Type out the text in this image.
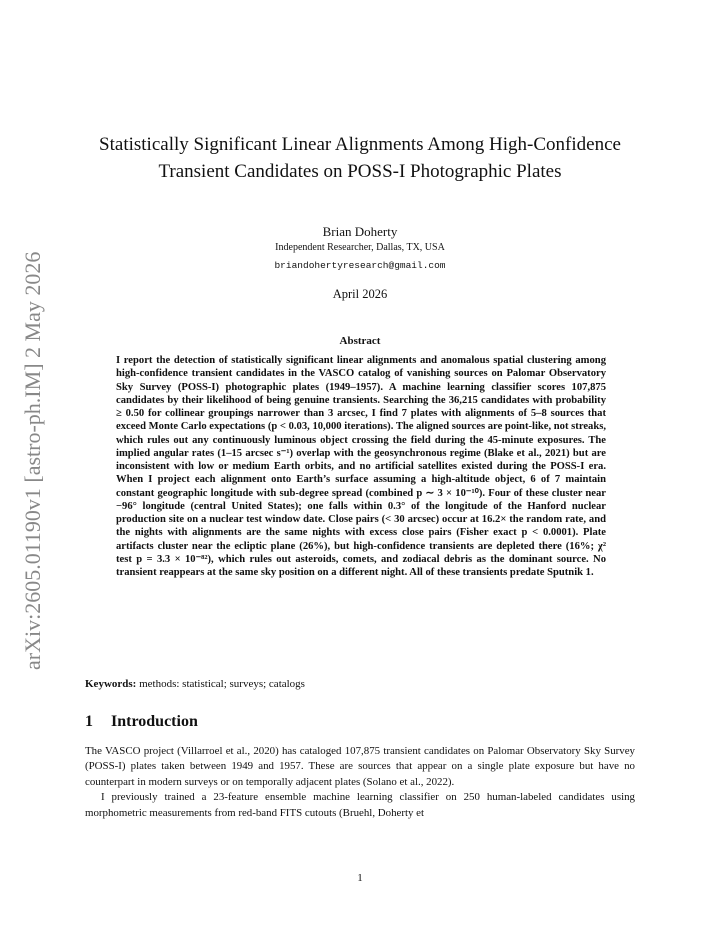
arXiv:2605.01190v1 [astro-ph.IM] 2 May 2026
Statistically Significant Linear Alignments Among High-Confidence Transient Candidates on POSS-I Photographic Plates
Brian Doherty
Independent Researcher, Dallas, TX, USA
briandohertyresearch@gmail.com
April 2026
Abstract
I report the detection of statistically significant linear alignments and anomalous spatial clustering among high-confidence transient candidates in the VASCO catalog of vanishing sources on Palomar Observatory Sky Survey (POSS-I) photographic plates (1949–1957). A machine learning classifier scores 107,875 candidates by their likelihood of being genuine transients. Searching the 36,215 candidates with probability ≥ 0.50 for collinear groupings narrower than 3 arcsec, I find 7 plates with alignments of 5–8 sources that exceed Monte Carlo expectations (p < 0.03, 10,000 iterations). The aligned sources are point-like, not streaks, which rules out any continuously luminous object crossing the field during the 45-minute exposures. The implied angular rates (1–15 arcsec s⁻¹) overlap with the geosynchronous regime (Blake et al., 2021) but are inconsistent with low or medium Earth orbits, and no artificial satellites existed during the POSS-I era. When I project each alignment onto Earth’s surface assuming a high-altitude object, 6 of 7 maintain constant geographic longitude with sub-degree spread (combined p ∼ 3 × 10⁻¹⁰). Four of these cluster near −96° longitude (central United States); one falls within 0.3° of the longitude of the Hanford nuclear production site on a nuclear test window date. Close pairs (< 30 arcsec) occur at 16.2× the random rate, and the nights with alignments are the same nights with excess close pairs (Fisher exact p < 0.0001). Plate artifacts cluster near the ecliptic plane (26%), but high-confidence transients are depleted there (16%; χ² test p = 3.3 × 10⁻⁸²), which rules out asteroids, comets, and zodiacal debris as the dominant source. No transient reappears at the same sky position on a different night. All of these transients predate Sputnik 1.
Keywords: methods: statistical; surveys; catalogs
1 Introduction

The VASCO project (Villarroel et al., 2020) has cataloged 107,875 transient candidates on Palomar Observatory Sky Survey (POSS-I) plates taken between 1949 and 1957. These are sources that appear on a single plate exposure but have no counterpart in modern surveys or on temporally adjacent plates (Solano et al., 2022).

I previously trained a 23-feature ensemble machine learning classifier on 250 human-labeled candidates using morphometric measurements from red-band FITS cutouts (Bruehl, Doherty et

1
